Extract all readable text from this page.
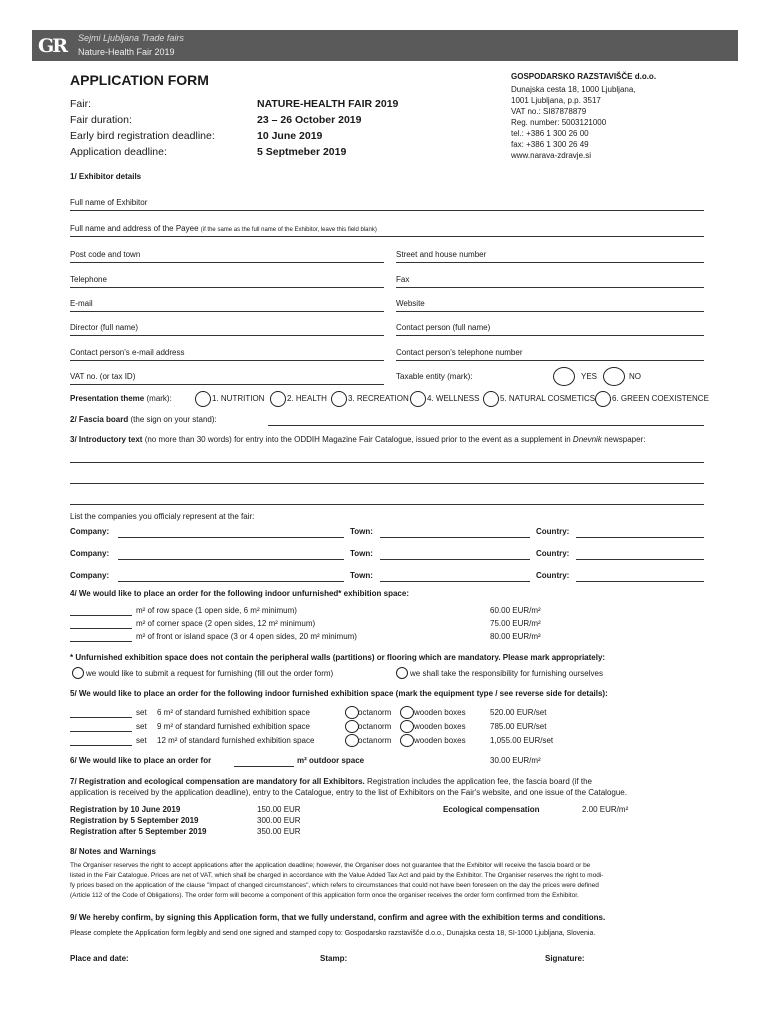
GR Sejmi Ljubljana Trade fairs
Nature-Health Fair 2019
APPLICATION FORM
Fair:	NATURE-HEALTH FAIR 2019
Fair duration:	23 – 26 October 2019
Early bird registration deadline:	10 June 2019
Application deadline:	5 Septmeber 2019
GOSPODARSKO RAZSTAVIŠČE d.o.o.
Dunajska cesta 18, 1000 Ljubljana,
1001 Ljubljana, p.p. 3517
VAT no.: SI87878879
Reg. number: 5003121000
tel.: +386 1 300 26 00
fax: +386 1 300 26 49
www.narava-zdravje.si
1/ Exhibitor details
Full name of Exhibitor
Full name and address of the Payee (if the same as the full name of the Exhibitor, leave this field blank)
Post code and town	Street and house number
Telephone	Fax
E-mail	Website
Director (full name)	Contact person (full name)
Contact person's e-mail address	Contact person's telephone number
VAT no. (or tax ID)	Taxable entity (mark):	YES	NO
Presentation theme (mark):	1. NUTRITION	2. HEALTH	3. RECREATION 4. WELLNESS	5. NATURAL COSMETICS 6. GREEN COEXISTENCE
2/ Fascia board (the sign on your stand):
3/ Introductory text (no more than 30 words) for entry into the ODDIH Magazine Fair Catalogue, issued prior to the event as a supplement in Dnevnik newspaper:
List the companies you officialy represent at the fair:
Company:	Town:	Country:
Company:	Town:	Country:
Company:	Town:	Country:
4/ We would like to place an order for the following indoor unfurnished* exhibition space:
m² of row space (1 open side, 6 m² minimum)	60.00 EUR/m²
m² of corner space (2 open sides, 12 m² minimum)	75.00 EUR/m²
m² of front or island space (3 or 4 open sides, 20 m² minimum)	80.00 EUR/m²
* Unfurnished exhibition space does not contain the peripheral walls (partitions) or flooring which are mandatory. Please mark appropriately:
we would like to submit a request for furnishing (fill out the order form)	we shall take the responsibility for furnishing ourselves
5/ We would like to place an order for the following indoor furnished exhibition space (mark the equipment type / see reverse side for details):
set 6 m² of standard furnished exhibition space	octanorm	wooden boxes	520.00 EUR/set
set 9 m² of standard furnished exhibition space	octanorm	wooden boxes	785.00 EUR/set
set 12 m² of standard furnished exhibition space	octanorm	wooden boxes	1,055.00 EUR/set
6/ We would like to place an order for	m² outdoor space	30.00 EUR/m²
7/ Registration and ecological compensation are mandatory for all Exhibitors. Registration includes the application fee, the fascia board (if the
application is received by the application deadline), entry to the Catalogue, entry to the list of Exhibitors on the Fair's website, and one issue of the Catalogue.
Registration by 10 June 2019	150.00 EUR
Registration by 5 September 2019	300.00 EUR
Registration after 5 September 2019	350.00 EUR
Ecological compensation	2.00 EUR/m²
8/ Notes and Warnings
The Organiser reserves the right to accept applications after the application deadline; however, the Organiser does not guarantee that the Exhibitor will receive the fascia board or be
listed in the Fair Catalogue. Prices are net of VAT, which shall be charged in accordance with the Value Added Tax Act and paid by the Exhibitor. The Organiser reserves the right to modi-
fy prices based on the application of the clause "Impact of changed circumstances", which refers to circumstances that could not have been foreseen on the day the prices were defined
(Article 112 of the Code of Obligations). The order form will become a component of this application form once the organiser receives the order form confirmed from the Exhibitor.
9/ We hereby confirm, by signing this Application form, that we fully understand, confirm and agree with the exhibition terms and conditions.
Please complete the Application form legibly and send one signed and stamped copy to: Gospodarsko razstavišče d.o.o., Dunajska cesta 18, SI-1000 Ljubljana, Slovenia.
Place and date:	Stamp:	Signature:
